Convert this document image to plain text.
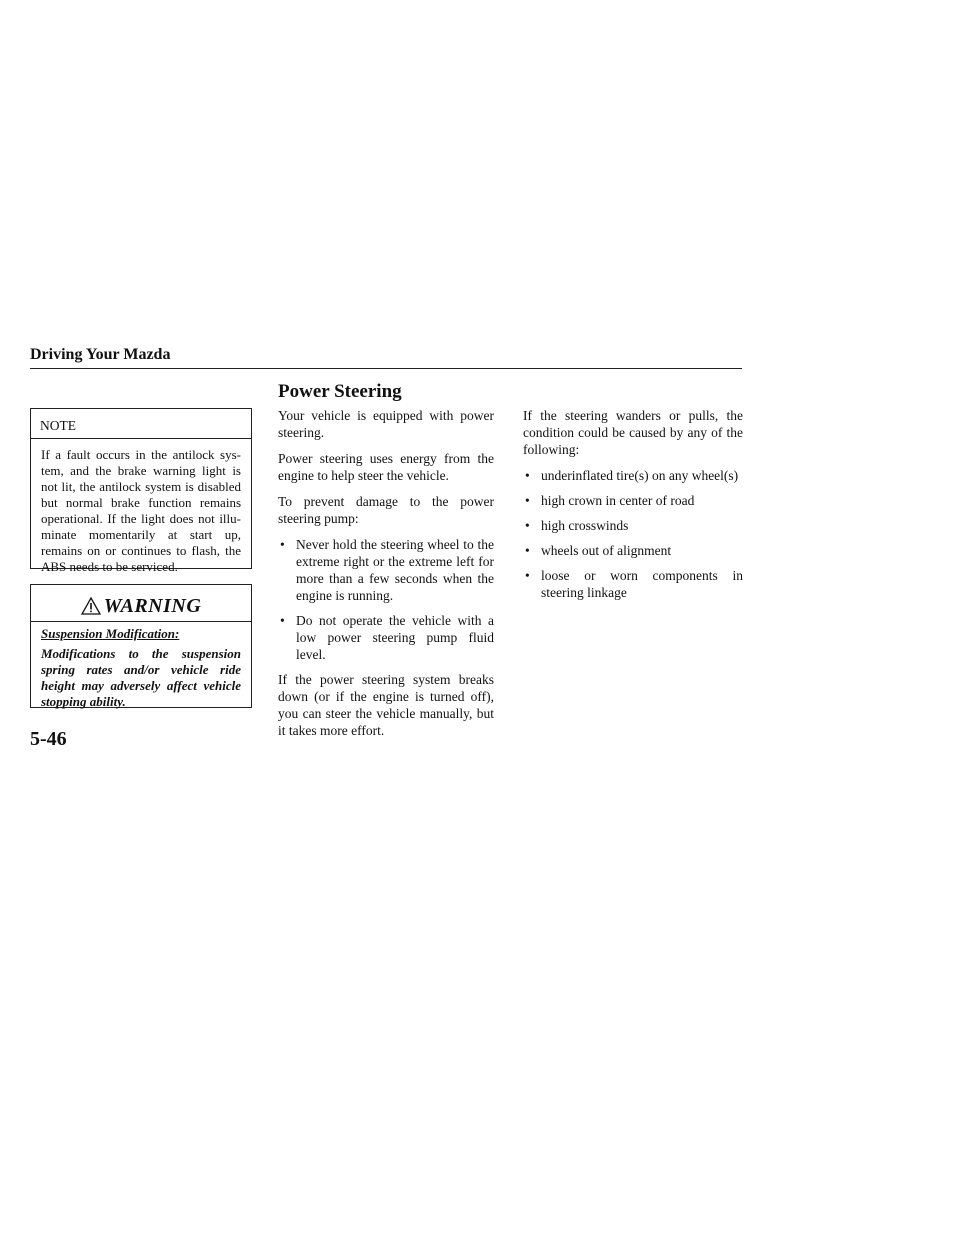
Driving Your Mazda
Power Steering
NOTE
If a fault occurs in the antilock sys-tem, and the brake warning light is not lit, the antilock system is disabled but normal brake function remains operational. If the light does not illu-minate momentarily at start up, remains on or continues to flash, the ABS needs to be serviced.
WARNING
Suspension Modification:
Modifications to the suspension spring rates and/or vehicle ride height may adversely affect vehicle stopping ability.

Your vehicle is equipped with power steering.

Power steering uses energy from the engine to help steer the vehicle.

To prevent damage to the power steering pump:

• Never hold the steering wheel to the extreme right or the extreme left for more than a few seconds when the engine is running.
• Do not operate the vehicle with a low power steering pump fluid level.

If the power steering system breaks down (or if the engine is turned off), you can steer the vehicle manually, but it takes more effort.

If the steering wanders or pulls, the condition could be caused by any of the following:

• underinflated tire(s) on any wheel(s)
• high crown in center of road
• high crosswinds
• wheels out of alignment
• loose or worn components in steering linkage
5-46
